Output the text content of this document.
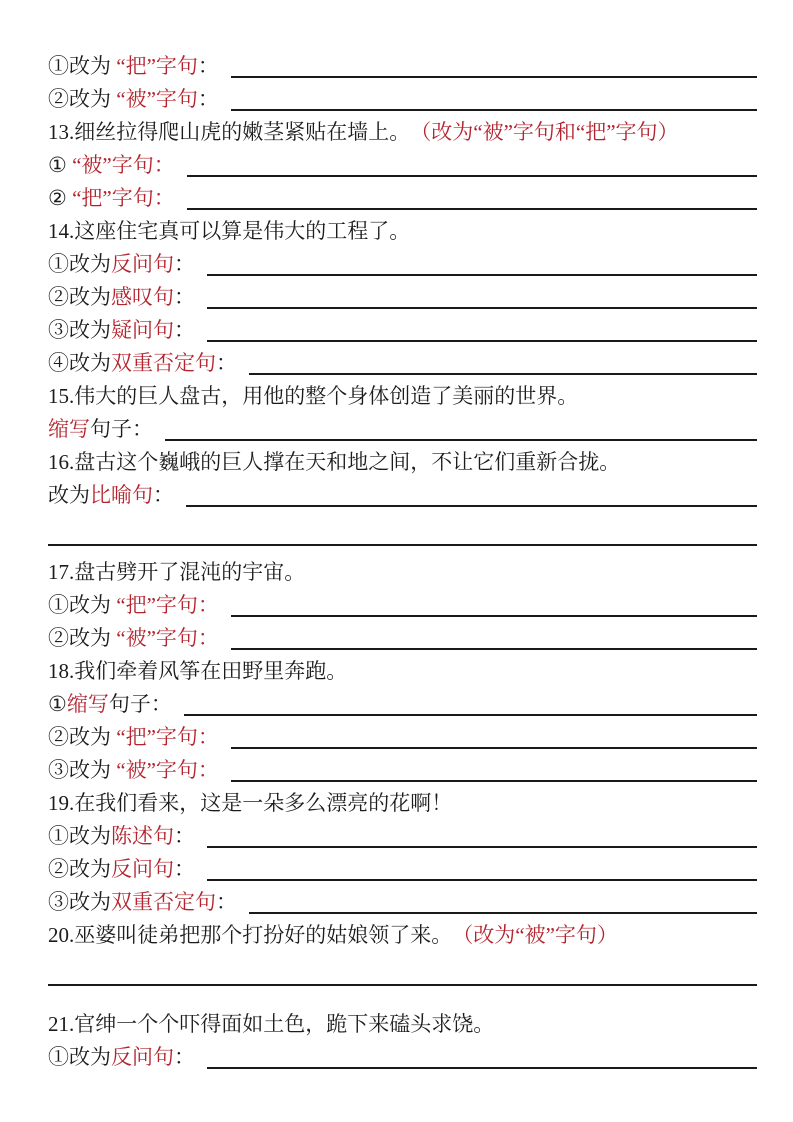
①改为 “把”字句 ：
②改为 “被”字句 ：
13.细丝拉得爬山虎的嫩茎紧贴在墙上。 （改为“被”字句和“把”字句）
① “被”字句：
② “把”字句：
14.这座住宅真可以算是伟大的工程了。
①改为 反问句 ：
②改为 感叹句 ：
③改为 疑问句 ：
④改为 双重否定句 ：
15.伟大的巨人盘古，用他的整个身体创造了美丽的世界。
缩写 句子：
16.盘古这个巍峨的巨人撑在天和地之间，不让它们重新合拢。
改为 比喻句 ：
17.盘古劈开了混沌的宇宙。
①改为 “把”字句：
②改为 “被”字句：
18.我们牵着风筝在田野里奔跑。
① 缩写 句子：
②改为 “把”字句：
③改为 “被”字句：
19.在我们看来，这是一朵多么漂亮的花啊！
①改为 陈述句 ：
②改为 反问句 ：
③改为 双重否定句 ：
20.巫婆叫徒弟把那个打扮好的姑娘领了来。 （改为“被”字句）
21.官绅一个个吓得面如土色，跪下来磕头求饶。
①改为 反问句 ：
